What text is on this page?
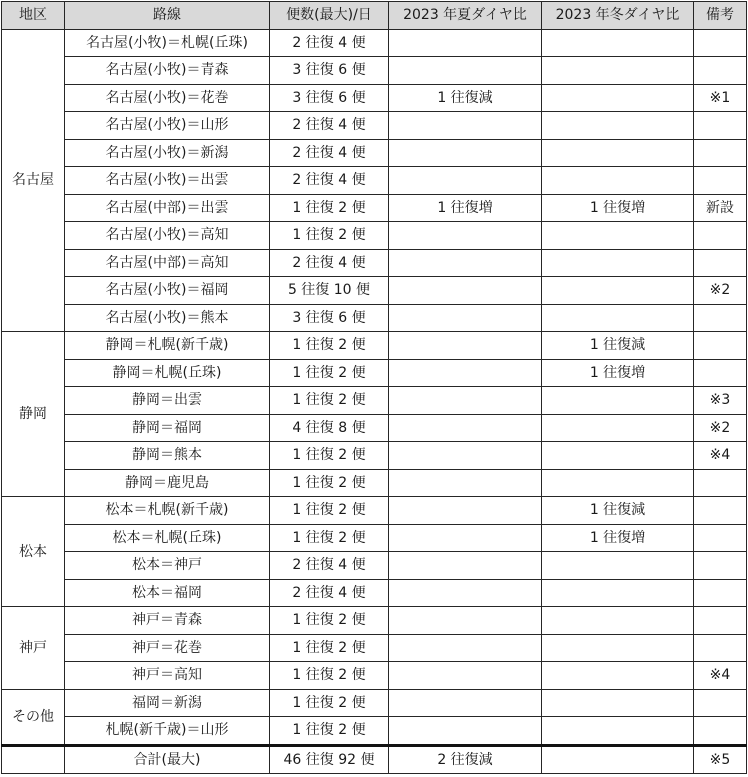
地区	路線	便数(最大)/日	2023 年夏ダイヤ比	2023 年冬ダイヤ比	備考
名古屋	名古屋(小牧)＝札幌(丘珠)	2 往復 4 便			
	名古屋(小牧)＝青森	3 往復 6 便			
	名古屋(小牧)＝花巻	3 往復 6 便	1 往復減		※1
	名古屋(小牧)＝山形	2 往復 4 便			
	名古屋(小牧)＝新潟	2 往復 4 便			
	名古屋(小牧)＝出雲	2 往復 4 便			
	名古屋(中部)＝出雲	1 往復 2 便	1 往復増	1 往復増	新設
	名古屋(小牧)＝高知	1 往復 2 便			
	名古屋(中部)＝高知	2 往復 4 便			
	名古屋(小牧)＝福岡	5 往復 10 便			※2
	名古屋(小牧)＝熊本	3 往復 6 便			
静岡	静岡＝札幌(新千歳)	1 往復 2 便		1 往復減	
	静岡＝札幌(丘珠)	1 往復 2 便		1 往復増	
	静岡＝出雲	1 往復 2 便			※3
	静岡＝福岡	4 往復 8 便			※2
	静岡＝熊本	1 往復 2 便			※4
	静岡＝鹿児島	1 往復 2 便			
松本	松本＝札幌(新千歳)	1 往復 2 便		1 往復減	
	松本＝札幌(丘珠)	1 往復 2 便		1 往復増	
	松本＝神戸	2 往復 4 便			
	松本＝福岡	2 往復 4 便			
神戸	神戸＝青森	1 往復 2 便			
	神戸＝花巻	1 往復 2 便			
	神戸＝高知	1 往復 2 便			※4
その他	福岡＝新潟	1 往復 2 便			
	札幌(新千歳)＝山形	1 往復 2 便			
	合計(最大)	46 往復 92 便	2 往復減		※5
